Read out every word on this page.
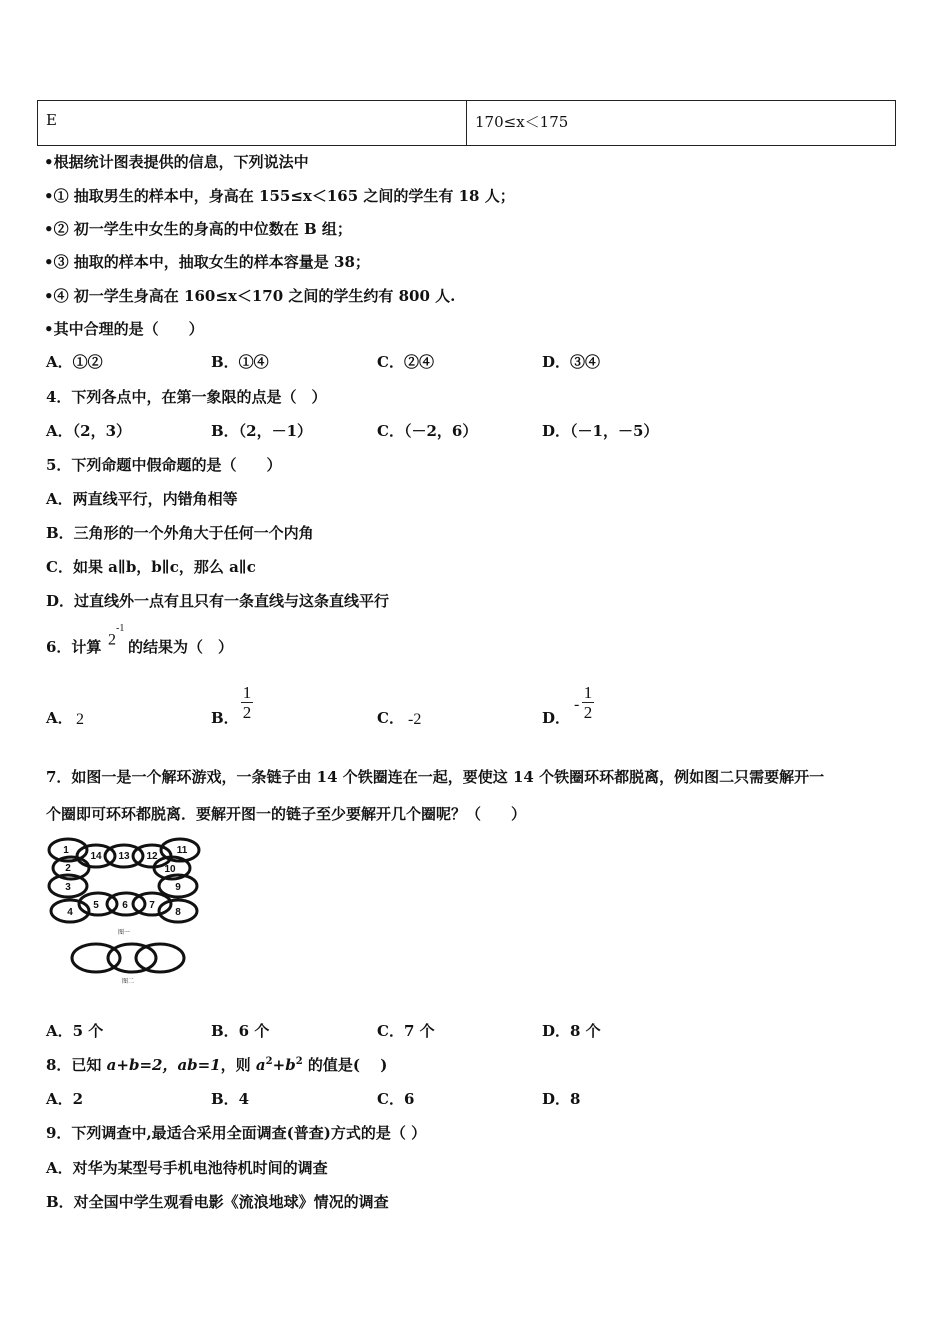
E	170≤x＜175
•根据统计图表提供的信息，下列说法中
•① 抽取男生的样本中，身高在 155≤x＜165 之间的学生有 18 人；
•② 初一学生中女生的身高的中位数在 B 组；
•③ 抽取的样本中，抽取女生的样本容量是 38；
•④ 初一学生身高在 160≤x＜170 之间的学生约有 800 人.
•其中合理的是（　　）
A．①②	B．①④	C．②④	D．③④
4．下列各点中，在第一象限的点是（　）
A．（2，3）	B．（2，－1）	C．（－2，6）	D．（－1，－5）
5．下列命题中假命题的是（　　）
A．两直线平行，内错角相等
B．三角形的一个外角大于任何一个内角
C．如果 a∥b，b∥c，那么 a∥c
D．过直线外一点有且只有一条直线与这条直线平行
6．计算 $2^{-1}$
的结果为（　）
A． 2	B．
1
2	C． -2	D．
-
1
2
7．如图一是一个解环游戏，一条链子由 14 个铁圈连在一起，要使这 14 个铁圈环环都脱离，例如图二只需要解开一
个圈即可环环都脱离．要解开图一的链子至少要解开几个圈呢？（　　）
1
14 13 12
11
2	10
3	9
4
5 6 7
8
图一
图二
A．5 个	B．6 个	C．7 个	D．8 个
8．已知 a+b=2，ab=1，则 $a^2+b^2$ 的值是(　 )
A．2	B．4	C．6	D．8
9．下列调查中,最适合采用全面调查(普查)方式的是（ ）
A．对华为某型号手机电池待机时间的调查
B．对全国中学生观看电影《流浪地球》情况的调查
